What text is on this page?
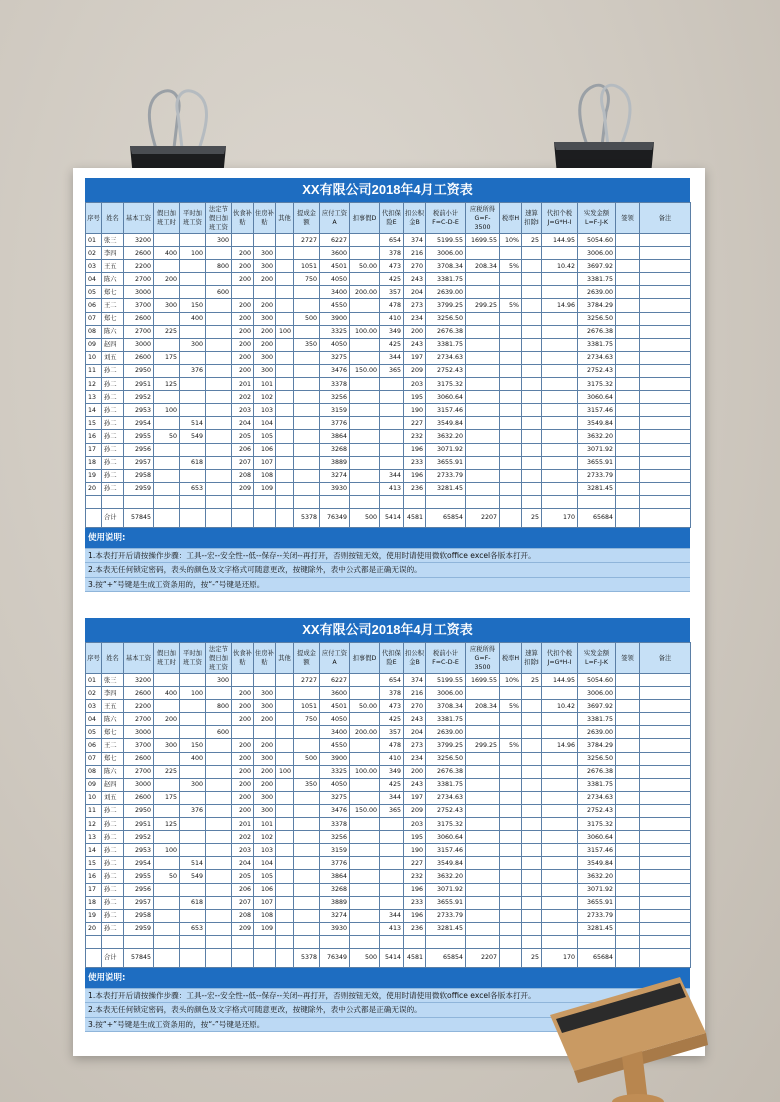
XX有限公司2018年4月工资表
序号	姓名	基本工资	假日加班工时	平时加班工资	法定节假日加班工资	伙食补贴	住房补贴	其他	提成金额	应付工资A	扣事假D	代扣保险E	扣公积金B	税前小计F=C-D-E	应税所得G=F-3500	税率H	速算扣除I	代扣个税J=G*H-I	实发金额L=F-J-K	签领	备注
01	张三	3200			300				2727	6227		654	374	5199.55	1699.55	10%	25	144.95	5054.60		
02	李四	2600	400	100		200	300			3600		378	216	3006.00					3006.00		
03	王五	2200			800	200	300		1051	4501	50.00	473	270	3708.34	208.34	5%		10.42	3697.92		
04	陈六	2700	200			200	200		750	4050		425	243	3381.75					3381.75		
05	郑七	3000			600					3400	200.00	357	204	2639.00					2639.00		
06	王二	3700	300	150		200	200			4550		478	273	3799.25	299.25	5%		14.96	3784.29		
07	郑七	2600		400		200	300		500	3900		410	234	3256.50					3256.50		
08	陈六	2700	225			200	200	100		3325	100.00	349	200	2676.38					2676.38		
09	赵四	3000		300		200	200		350	4050		425	243	3381.75					3381.75		
10	刘五	2600	175			200	300			3275		344	197	2734.63					2734.63		
11	孙二	2950		376		200	300			3476	150.00	365	209	2752.43					2752.43		
12	孙二	2951	125			201	101			3378			203	3175.32					3175.32		
13	孙二	2952				202	102			3256			195	3060.64					3060.64		
14	孙二	2953	100			203	103			3159			190	3157.46					3157.46		
15	孙二	2954		514		204	104			3776			227	3549.84					3549.84		
16	孙二	2955	50	549		205	105			3864			232	3632.20					3632.20		
17	孙二	2956				206	106			3268			196	3071.92					3071.92		
18	孙二	2957		618		207	107			3889			233	3655.91					3655.91		
19	孙二	2958				208	108			3274		344	196	2733.79					2733.79		
20	孙二	2959		653		209	109			3930		413	236	3281.45					3281.45		

	合计	57845							5378	76349	500	5414	4581	65854	2207		25	170	65684		
使用说明:
1.本表打开后请按操作步骤：工具--宏--安全性--低--保存--关闭--再打开，否则按钮无效，使用时请使用微软office excel各版本打开。
2.本表无任何锁定密码，表头的颜色及文字格式可随意更改，按键除外，表中公式都是正确无误的。
3.按“+”号键是生成工资条用的，按“-”号键是还原。
XX有限公司2018年4月工资表
序号	姓名	基本工资	假日加班工时	平时加班工资	法定节假日加班工资	伙食补贴	住房补贴	其他	提成金额	应付工资A	扣事假D	代扣保险E	扣公积金B	税前小计F=C-D-E	应税所得G=F-3500	税率H	速算扣除I	代扣个税J=G*H-I	实发金额L=F-J-K	签领	备注
01	张三	3200			300				2727	6227		654	374	5199.55	1699.55	10%	25	144.95	5054.60		
02	李四	2600	400	100		200	300			3600		378	216	3006.00					3006.00		
03	王五	2200			800	200	300		1051	4501	50.00	473	270	3708.34	208.34	5%		10.42	3697.92		
04	陈六	2700	200			200	200		750	4050		425	243	3381.75					3381.75		
05	郑七	3000			600					3400	200.00	357	204	2639.00					2639.00		
06	王二	3700	300	150		200	200			4550		478	273	3799.25	299.25	5%		14.96	3784.29		
07	郑七	2600		400		200	300		500	3900		410	234	3256.50					3256.50		
08	陈六	2700	225			200	200	100		3325	100.00	349	200	2676.38					2676.38		
09	赵四	3000		300		200	200		350	4050		425	243	3381.75					3381.75		
10	刘五	2600	175			200	300			3275		344	197	2734.63					2734.63		
11	孙二	2950		376		200	300			3476	150.00	365	209	2752.43					2752.43		
12	孙二	2951	125			201	101			3378			203	3175.32					3175.32		
13	孙二	2952				202	102			3256			195	3060.64					3060.64		
14	孙二	2953	100			203	103			3159			190	3157.46					3157.46		
15	孙二	2954		514		204	104			3776			227	3549.84					3549.84		
16	孙二	2955	50	549		205	105			3864			232	3632.20					3632.20		
17	孙二	2956				206	106			3268			196	3071.92					3071.92		
18	孙二	2957		618		207	107			3889			233	3655.91					3655.91		
19	孙二	2958				208	108			3274		344	196	2733.79					2733.79		
20	孙二	2959		653		209	109			3930		413	236	3281.45					3281.45		

	合计	57845							5378	76349	500	5414	4581	65854	2207		25	170	65684		
使用说明:
1.本表打开后请按操作步骤：工具--宏--安全性--低--保存--关闭--再打开，否则按钮无效，使用时请使用微软office excel各版本打开。
2.本表无任何锁定密码，表头的颜色及文字格式可随意更改，按键除外，表中公式都是正确无误的。
3.按“+”号键是生成工资条用的，按“-”号键是还原。
